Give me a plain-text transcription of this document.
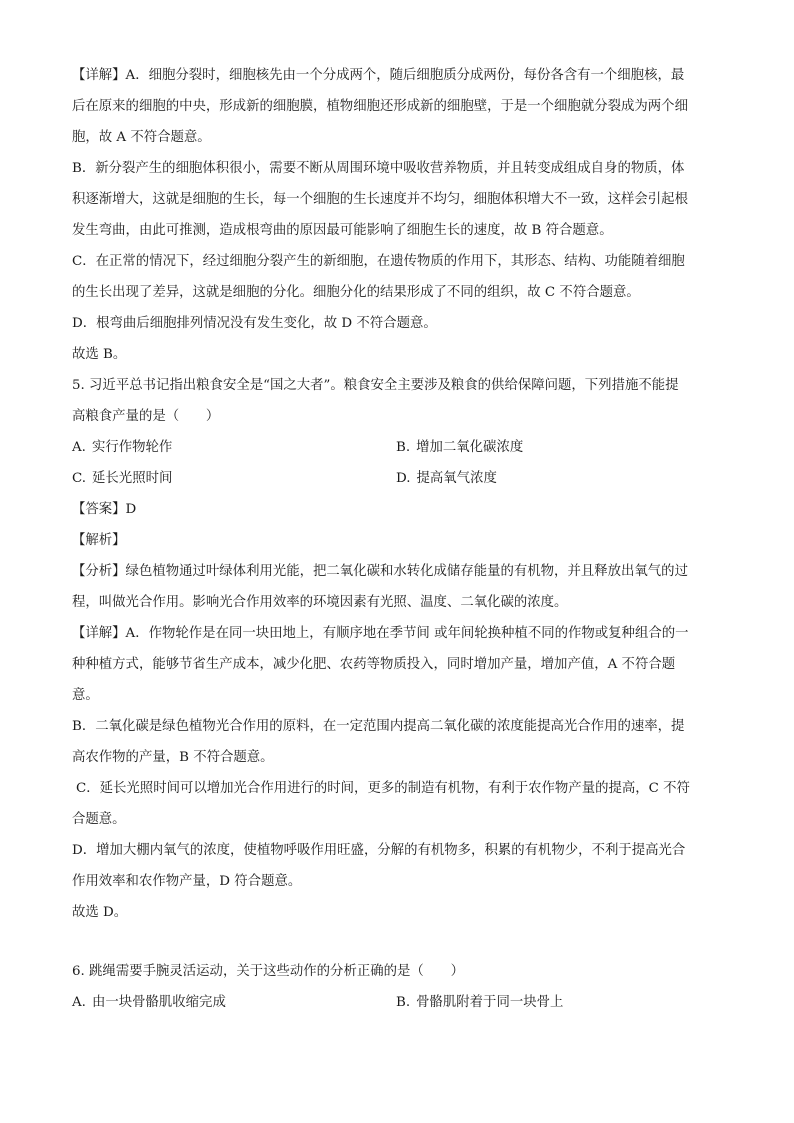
【详解】A．细胞分裂时，细胞核先由一个分成两个，随后细胞质分成两份，每份各含有一个细胞核，最

后在原来的细胞的中央，形成新的细胞膜，植物细胞还形成新的细胞壁，于是一个细胞就分裂成为两个细

胞，故 A 不符合题意。

B．新分裂产生的细胞体积很小，需要不断从周围环境中吸收营养物质，并且转变成组成自身的物质，体

积逐渐增大，这就是细胞的生长，每一个细胞的生长速度并不均匀，细胞体积增大不一致，这样会引起根

发生弯曲，由此可推测，造成根弯曲的原因最可能影响了细胞生长的速度，故 B 符合题意。

C．在正常的情况下，经过细胞分裂产生的新细胞，在遗传物质的作用下，其形态、结构、功能随着细胞

的生长出现了差异，这就是细胞的分化。细胞分化的结果形成了不同的组织，故 C 不符合题意。

D．根弯曲后细胞排列情况没有发生变化，故 D 不符合题意。

故选 B。

5. 习近平总书记指出粮食安全是“国之大者”。粮食安全主要涉及粮食的供给保障问题，下列措施不能提

高粮食产量的是（　　）

A. 实行作物轮作	B. 增加二氧化碳浓度
C. 延长光照时间	D. 提高氧气浓度

【答案】D

【解析】

【分析】绿色植物通过叶绿体利用光能，把二氧化碳和水转化成储存能量的有机物，并且释放出氧气的过

程，叫做光合作用。影响光合作用效率的环境因素有光照、温度、二氧化碳的浓度。

【详解】A．作物轮作是在同一块田地上，有顺序地在季节间 或年间轮换种植不同的作物或复种组合的一

种种植方式，能够节省生产成本，减少化肥、农药等物质投入，同时增加产量，增加产值，A 不符合题

意。

B．二氧化碳是绿色植物光合作用的原料，在一定范围内提高二氧化碳的浓度能提高光合作用的速率，提

高农作物的产量，B 不符合题意。

C．延长光照时间可以增加光合作用进行的时间，更多的制造有机物，有利于农作物产量的提高，C 不符

合题意。

D．增加大棚内氧气的浓度，使植物呼吸作用旺盛，分解的有机物多，积累的有机物少，不利于提高光合

作用效率和农作物产量，D 符合题意。

故选 D。

6. 跳绳需要手腕灵活运动，关于这些动作的分析正确的是（　　）

A. 由一块骨骼肌收缩完成	B. 骨骼肌附着于同一块骨上
